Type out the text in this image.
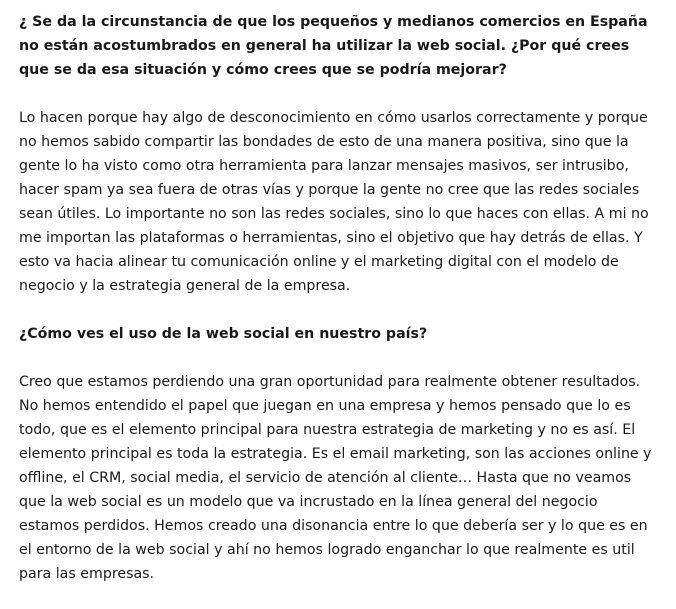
¿ Se da la circunstancia de que los pequeños y medianos comercios en España no están acostumbrados en general ha utilizar la web social. ¿Por qué crees que se da esa situación y cómo crees que se podría mejorar?

Lo hacen porque hay algo de desconocimiento en cómo usarlos correctamente y porque no hemos sabido compartir las bondades de esto de una manera positiva, sino que la gente lo ha visto como otra herramienta para lanzar mensajes masivos, ser intrusibo, hacer spam ya sea fuera de otras vías y porque la gente no cree que las redes sociales sean útiles. Lo importante no son las redes sociales, sino lo que haces con ellas. A mi no me importan las plataformas o herramientas, sino el objetivo que hay detrás de ellas. Y esto va hacia alinear tu comunicación online y el marketing digital con el modelo de negocio y la estrategia general de la empresa.

¿Cómo ves el uso de la web social en nuestro país?

Creo que estamos perdiendo una gran oportunidad para realmente obtener resultados. No hemos entendido el papel que juegan en una empresa y hemos pensado que lo es todo, que es el elemento principal para nuestra estrategia de marketing y no es así. El elemento principal es toda la estrategia. Es el email marketing, son las acciones online y offline, el CRM, social media, el servicio de atención al cliente… Hasta que no veamos que la web social es un modelo que va incrustado en la línea general del negocio estamos perdidos. Hemos creado una disonancia entre lo que debería ser y lo que es en el entorno de la web social y ahí no hemos logrado enganchar lo que realmente es util para las empresas.
